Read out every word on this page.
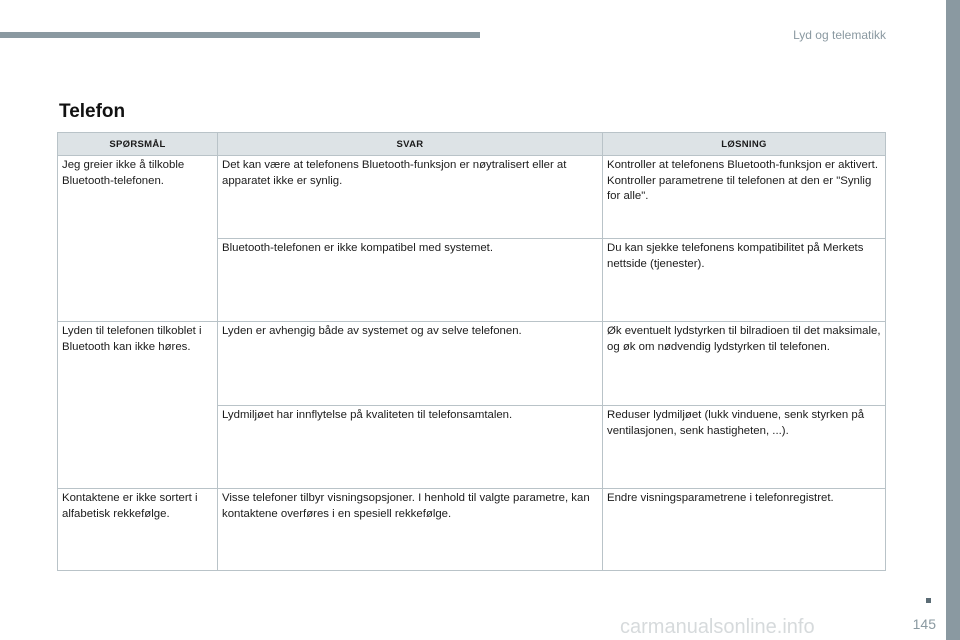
Lyd og telematikk
Telefon
SPØRSMÅL	SVAR	LØSNING
Jeg greier ikke å tilkoble Bluetooth-telefonen.	Det kan være at telefonens Bluetooth-funksjon er nøytralisert eller at apparatet ikke er synlig.	Kontroller at telefonens Bluetooth-funksjon er aktivert.
Kontroller parametrene til telefonen at den er "Synlig for alle".

	Bluetooth-telefonen er ikke kompatibel med systemet.	Du kan sjekke telefonens kompatibilitet på Merkets nettside (tjenester).

Lyden til telefonen tilkoblet i Bluetooth kan ikke høres.	Lyden er avhengig både av systemet og av selve telefonen.	Øk eventuelt lydstyrken til bilradioen til det maksimale, og øk om nødvendig lydstyrken til telefonen.

	Lydmiljøet har innflytelse på kvaliteten til telefonsamtalen.	Reduser lydmiljøet (lukk vinduene, senk styrken på ventilasjonen, senk hastigheten, ...).

Kontaktene er ikke sortert i alfabetisk rekkefølge.	Visse telefoner tilbyr visningsopsjoner. I henhold til valgte parametre, kan kontaktene overføres i en spesiell rekkefølge.	Endre visningsparametrene i telefonregistret.
carmanualsonline.info	145
